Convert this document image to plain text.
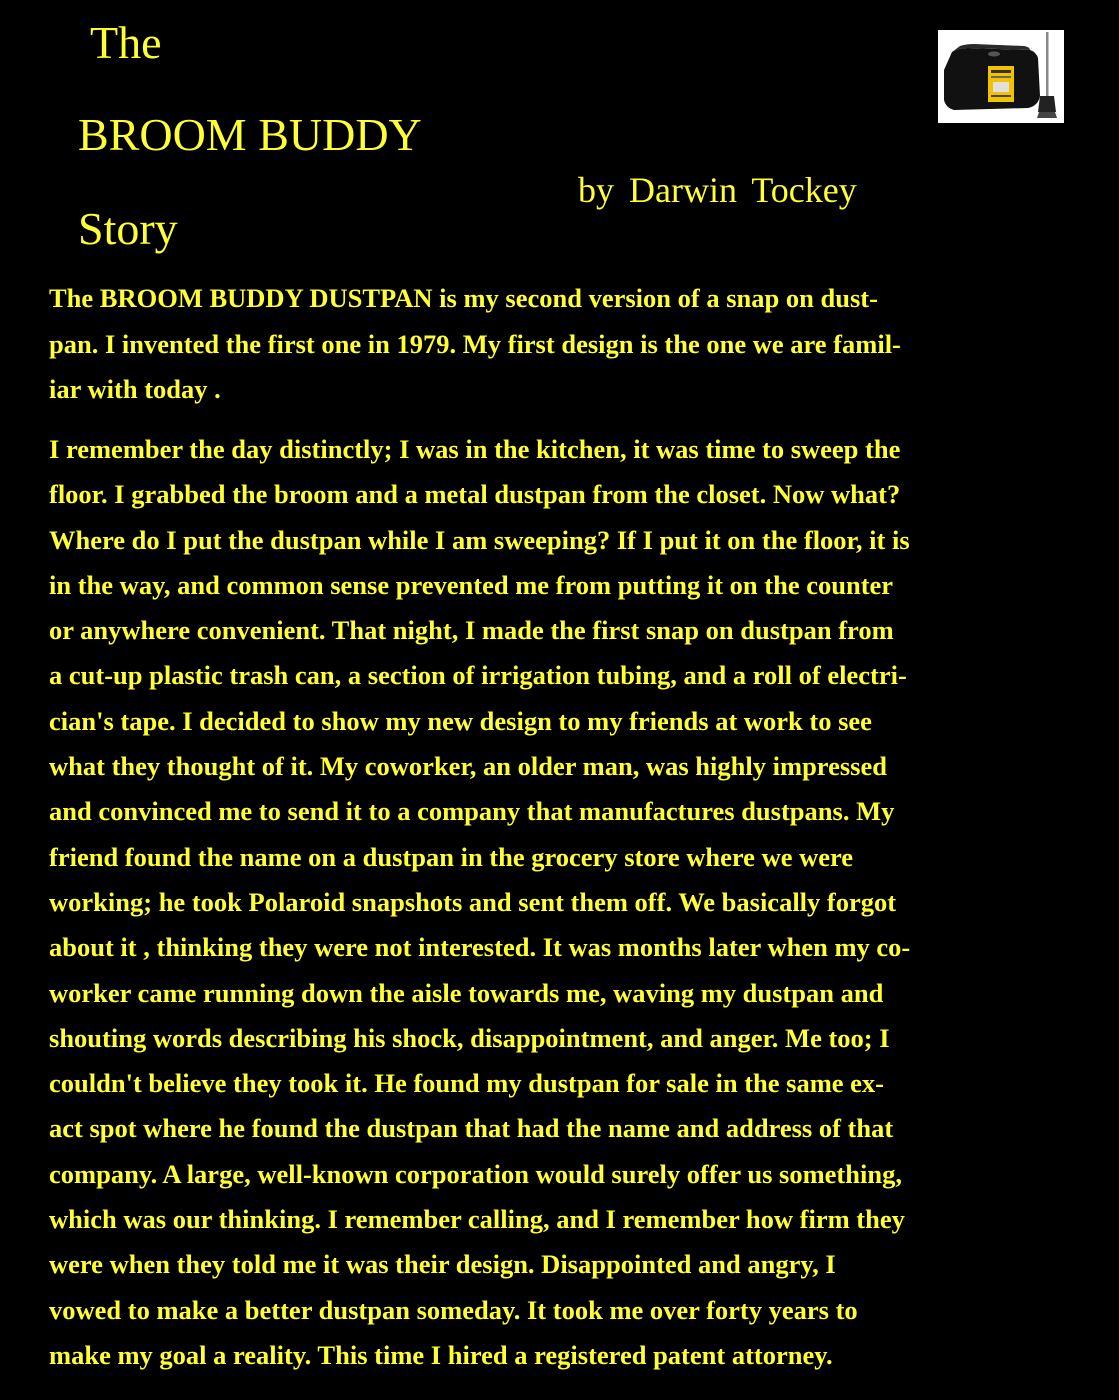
The
BROOM BUDDY
Story
by Darwin Tockey
The BROOM BUDDY DUSTPAN is my second version of a snap on dust-
pan. I invented the first one in 1979. My first design is the one we are famil-
iar with today .
I remember the day distinctly; I was in the kitchen, it was time to sweep the
floor. I grabbed the broom and a metal dustpan from the closet. Now what?
Where do I put the dustpan while I am sweeping? If I put it on the floor, it is
in the way, and common sense prevented me from putting it on the counter
or anywhere convenient. That night, I made the first snap on dustpan from
a cut-up plastic trash can, a section of irrigation tubing, and a roll of electri-
cian's tape. I decided to show my new design to my friends at work to see
what they thought of it. My coworker, an older man, was highly impressed
and convinced me to send it to a company that manufactures dustpans. My
friend found the name on a dustpan in the grocery store where we were
working; he took Polaroid snapshots and sent them off. We basically forgot
about it , thinking they were not interested. It was months later when my co-
worker came running down the aisle towards me, waving my dustpan and
shouting words describing his shock, disappointment, and anger. Me too; I
couldn't believe they took it. He found my dustpan for sale in the same ex-
act spot where he found the dustpan that had the name and address of that
company. A large, well-known corporation would surely offer us something,
which was our thinking. I remember calling, and I remember how firm they
were when they told me it was their design. Disappointed and angry, I
vowed to make a better dustpan someday. It took me over forty years to
make my goal a reality. This time I hired a registered patent attorney.
